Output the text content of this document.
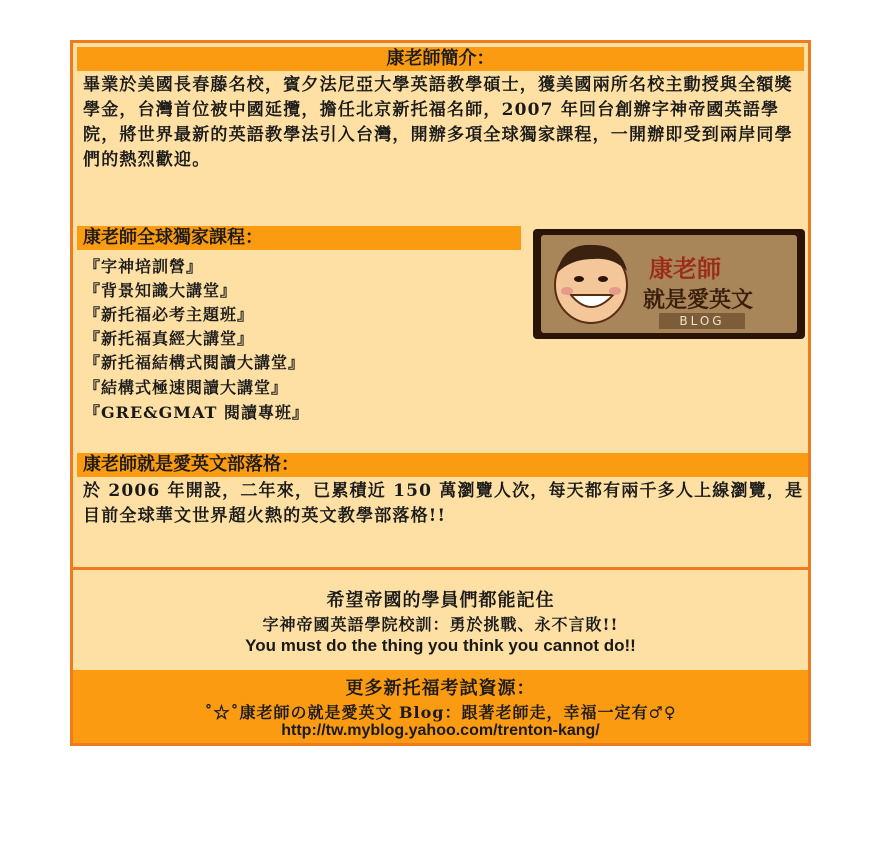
康老師簡介：
畢業於美國長春藤名校，賓夕法尼亞大學英語教學碩士，獲美國兩所名校主動授與全額獎學金，台灣首位被中國延攬，擔任北京新托福名師，2007 年回台創辦字神帝國英語學院，將世界最新的英語教學法引入台灣，開辦多項全球獨家課程，一開辦即受到兩岸同學們的熱烈歡迎。
康老師全球獨家課程：
『字神培訓營』
『背景知識大講堂』
『新托福必考主題班』
『新托福真經大講堂』
『新托福結構式閱讀大講堂』
『結構式極速閱讀大講堂』
『GRE&GMAT 閱讀專班』
康老師
就是愛英文
BLOG
康老師就是愛英文部落格：
於 2006 年開設，二年來，已累積近 150 萬瀏覽人次，每天都有兩千多人上線瀏覽，是目前全球華文世界超火熱的英文教學部落格!!
希望帝國的學員們都能記住
字神帝國英語學院校訓：勇於挑戰、永不言敗!!
You must do the thing you think you cannot do!!
更多新托福考試資源：
˚☆˚康老師の就是愛英文 Blog：跟著老師走，幸福一定有♂♀
http://tw.myblog.yahoo.com/trenton-kang/
